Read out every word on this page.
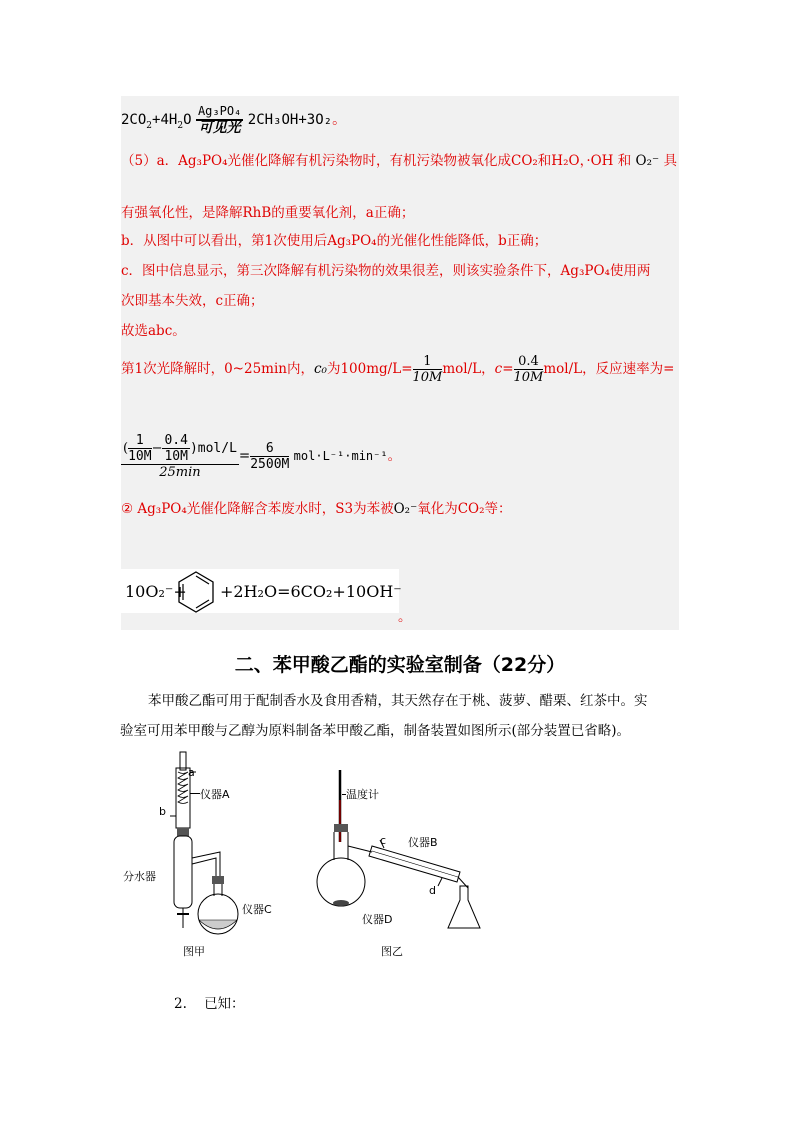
$2CO_2+4H_2O \frac{\text{Ag₃PO₄}}{\text{可见光}} 2CH_3OH+3O_2$。
（5）a．Ag₃PO₄光催化降解有机污染物时，有机污染物被氧化成CO₂和H₂O，·OH 和 O₂⁻ 具
有强氧化性，是降解RhB的重要氧化剂，a正确；
b．从图中可以看出，第1次使用后Ag₃PO₄的光催化性能降低，b正确；
c．图中信息显示，第三次降解有机污染物的效果很差，则该实验条件下，Ag₃PO₄使用两
次即基本失效，c正确；
故选abc。
第1次光降解时，0~25min内，c₀为$100mg/L= \frac{1}{10M} mol/L$，$c= \frac{0.4}{10M} mol/L$，反应速率为=
$\frac{( \frac{1}{10M} - \frac{0.4}{10M} )mol/L}{25\min} = \frac{6}{2500M} mol\cdot L^{-1}\cdot\min^{-1}$。
② Ag₃PO₄光催化降解含苯废水时，S3为苯被O₂⁻氧化为CO₂等：
10O₂⁻+ +2H₂O=6CO₂+10OH⁻
。
二、苯甲酸乙酯的实验室制备（22分）
苯甲酸乙酯可用于配制香水及食用香精，其天然存在于桃、菠萝、醋栗、红茶中。实
验室可用苯甲酸与乙醇为原料制备苯甲酸乙酯，制备装置如图所示(部分装置已省略)。
a
b
仪器A
分水器
仪器C
图甲
温度计
c 仪器B
d
仪器D
图乙
2. 已知：
